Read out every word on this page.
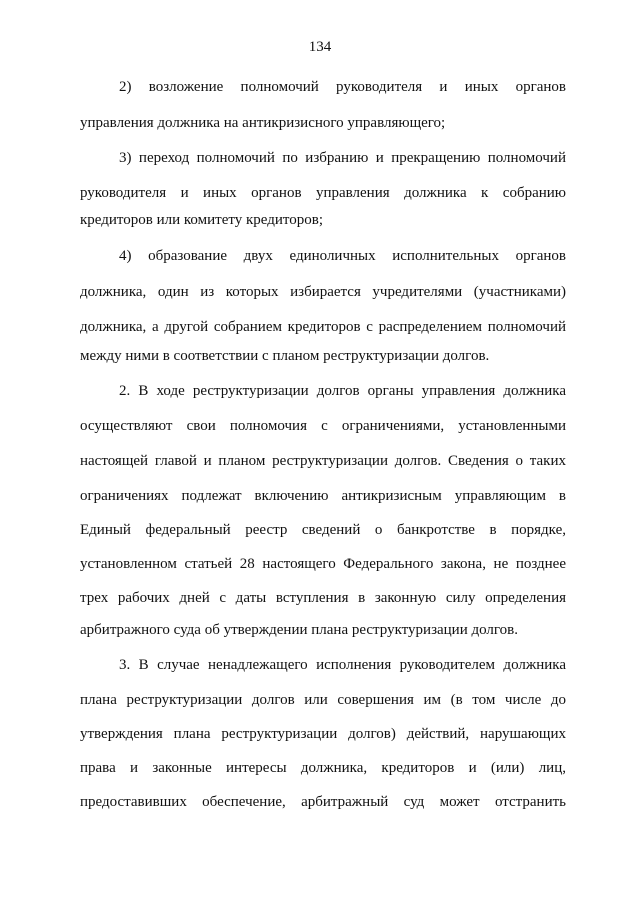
134
2) возложение полномочий руководителя и иных органов
управления должника на антикризисного управляющего;
3) переход полномочий по избранию и прекращению полномочий
руководителя и иных органов управления должника к собранию
кредиторов или комитету кредиторов;
4) образование двух единоличных исполнительных органов
должника, один из которых избирается учредителями (участниками)
должника, а другой собранием кредиторов с распределением полномочий
между ними в соответствии с планом реструктуризации долгов.
2. В ходе реструктуризации долгов органы управления должника
осуществляют свои полномочия с ограничениями, установленными
настоящей главой и планом реструктуризации долгов. Сведения о таких
ограничениях подлежат включению антикризисным управляющим в
Единый федеральный реестр сведений о банкротстве в порядке,
установленном статьей 28 настоящего Федерального закона, не позднее
трех рабочих дней с даты вступления в законную силу определения
арбитражного суда об утверждении плана реструктуризации долгов.
3. В случае ненадлежащего исполнения руководителем должника
плана реструктуризации долгов или совершения им (в том числе до
утверждения плана реструктуризации долгов) действий, нарушающих
права и законные интересы должника, кредиторов и (или) лиц,
предоставивших обеспечение, арбитражный суд может отстранить
